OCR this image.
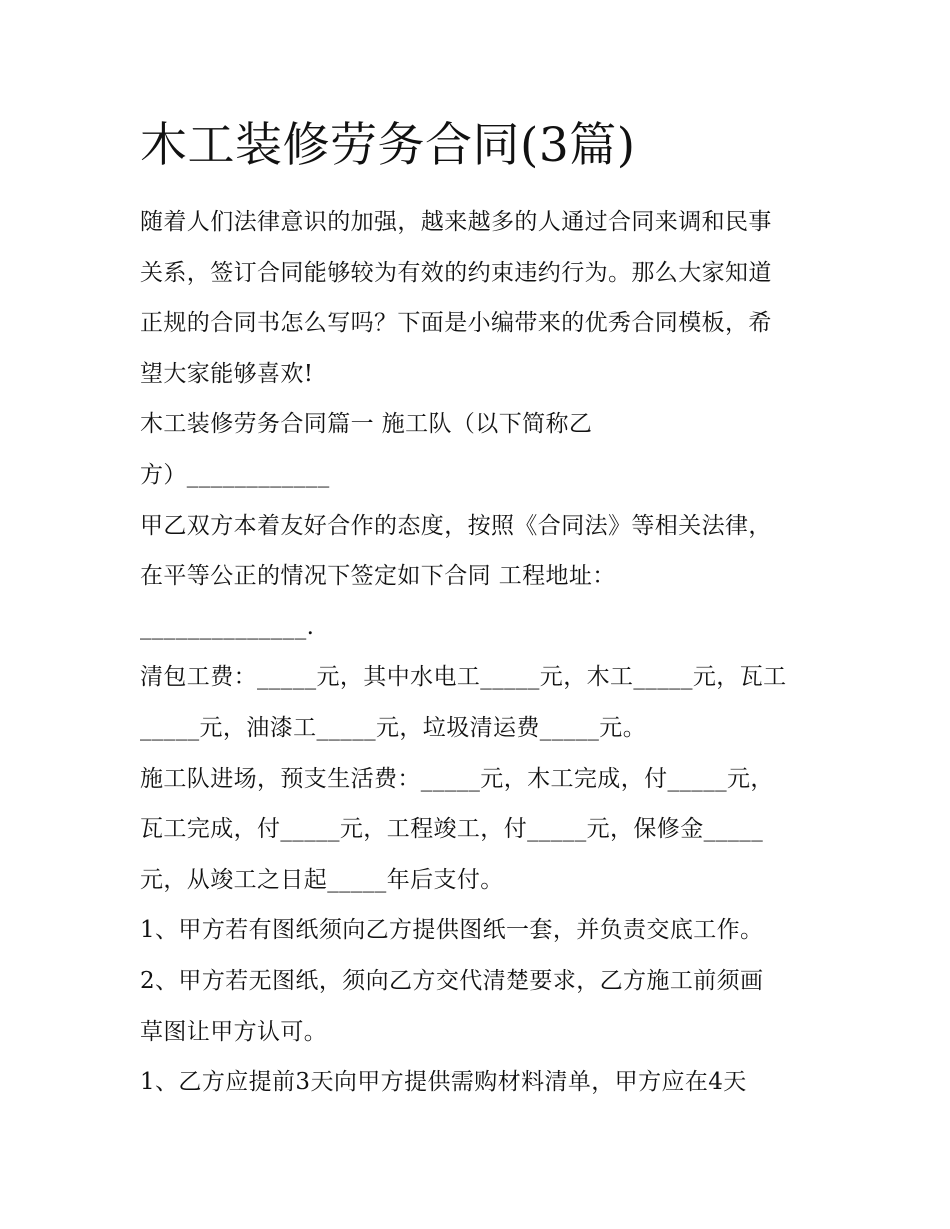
木工装修劳务合同(3篇)

随着人们法律意识的加强，越来越多的人通过合同来调和民事

关系，签订合同能够较为有效的约束违约行为。那么大家知道

正规的合同书怎么写吗？下面是小编带来的优秀合同模板，希

望大家能够喜欢!

木工装修劳务合同篇一 施工队（以下简称乙

方）____________

甲乙双方本着友好合作的态度，按照《合同法》等相关法律，

在平等公正的情况下签定如下合同 工程地址：

______________.

清包工费：_____元，其中水电工_____元，木工_____元，瓦工

_____元，油漆工_____元，垃圾清运费_____元。

施工队进场，预支生活费：_____元，木工完成，付_____元，

瓦工完成，付_____元，工程竣工，付_____元，保修金_____

元，从竣工之日起_____年后支付。

1、甲方若有图纸须向乙方提供图纸一套，并负责交底工作。

2、甲方若无图纸，须向乙方交代清楚要求，乙方施工前须画

草图让甲方认可。

1、乙方应提前3天向甲方提供需购材料清单，甲方应在4天
